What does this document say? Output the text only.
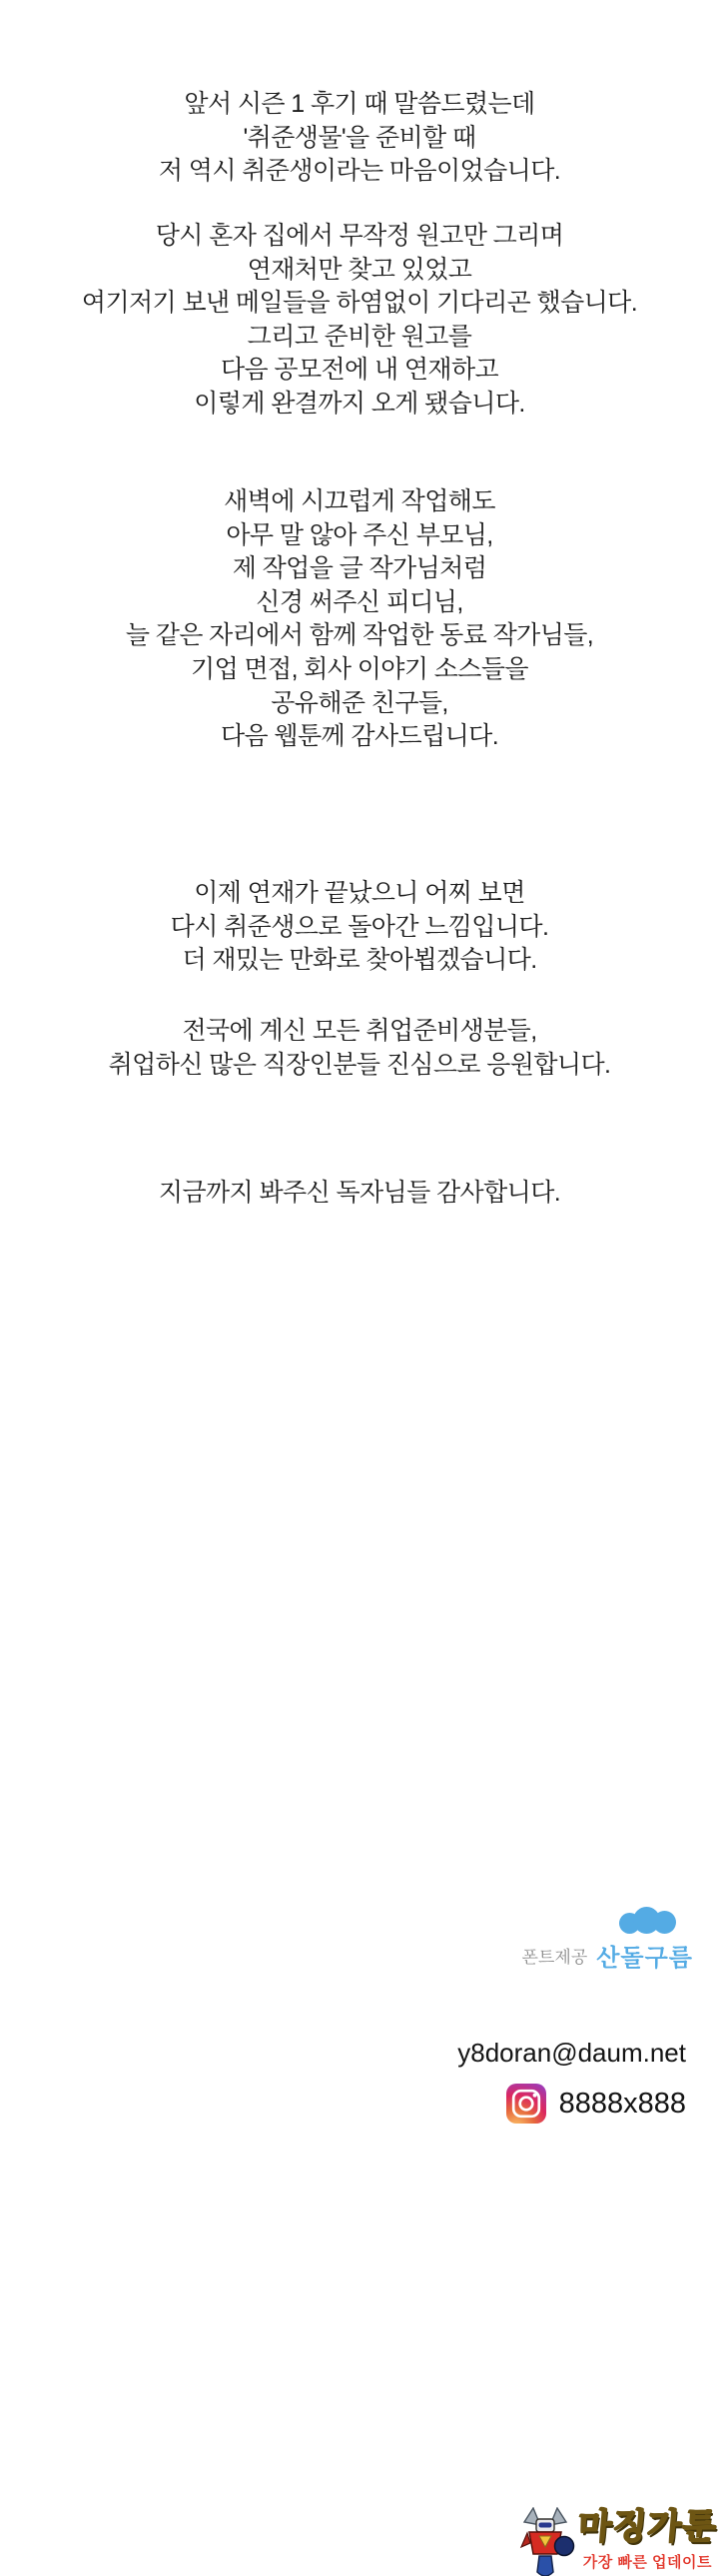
앞서 시즌 1 후기 때 말씀드렸는데

'취준생물'을 준비할 때

저 역시 취준생이라는 마음이었습니다.

당시 혼자 집에서 무작정 원고만 그리며

연재처만 찾고 있었고

여기저기 보낸 메일들을 하염없이 기다리곤 했습니다.

그리고 준비한 원고를

다음 공모전에 내 연재하고

이렇게 완결까지 오게 됐습니다.

새벽에 시끄럽게 작업해도

아무 말 않아 주신 부모님,

제 작업을 글 작가님처럼

신경 써주신 피디님,

늘 같은 자리에서 함께 작업한 동료 작가님들,

기업 면접, 회사 이야기 소스들을

공유해준 친구들,

다음 웹툰께 감사드립니다.

이제 연재가 끝났으니 어찌 보면

다시 취준생으로 돌아간 느낌입니다.

더 재밌는 만화로 찾아뵙겠습니다.

전국에 계신 모든 취업준비생분들,

취업하신 많은 직장인분들 진심으로 응원합니다.

지금까지 봐주신 독자님들 감사합니다.

폰트제공 산돌구름
y8doran@daum.net
8888x888
마징가툰
가장 빠른 업데이트
